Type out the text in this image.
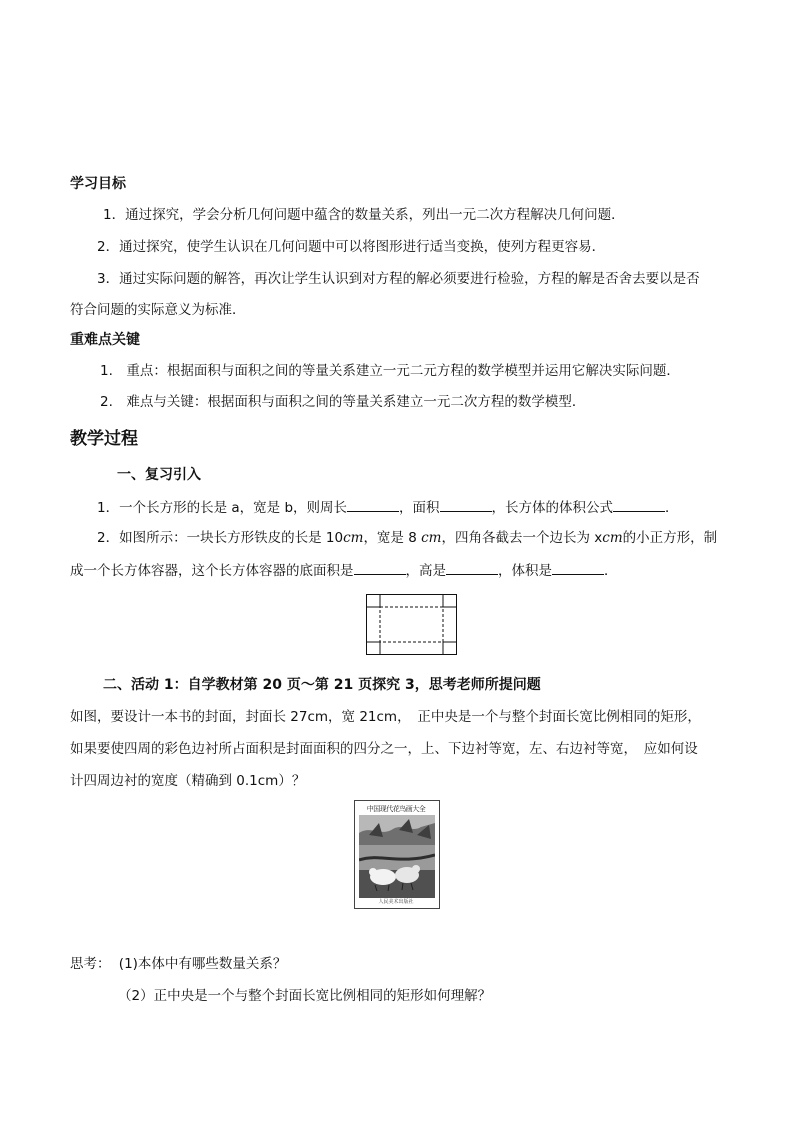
学习目标
1．通过探究，学会分析几何问题中蕴含的数量关系，列出一元二次方程解决几何问题．
2．通过探究，使学生认识在几何问题中可以将图形进行适当变换，使列方程更容易．
3．通过实际问题的解答，再次让学生认识到对方程的解必须要进行检验，方程的解是否舍去要以是否
符合问题的实际意义为标准．
重难点关键
1.　重点：根据面积与面积之间的等量关系建立一元二元方程的数学模型并运用它解决实际问题．
2.　难点与关键：根据面积与面积之间的等量关系建立一元二次方程的数学模型．
教学过程
一、复习引入
1．一个长方形的长是 a，宽是 b，则周长	，面积	，长方体的体积公式	．
2．如图所示：一块长方形铁皮的长是 10cm，宽是 8 cm，四角各截去一个边长为 xcm的小正方形，制
成一个长方体容器，这个长方体容器的底面积是	，高是	，体积是	．
二、活动 1：自学教材第 20 页～第 21 页探究 3，思考老师所提问题
如图，要设计一本书的封面，封面长 27cm，宽 21cm，　正中央是一个与整个封面长宽比例相同的矩形，
如果要使四周的彩色边衬所占面积是封面面积的四分之一，上、下边衬等宽，左、右边衬等宽，　应如何设
计四周边衬的宽度（精确到 0.1cm）？
中国现代花鸟画大全
人民美术出版社
思考： (1)本体中有哪些数量关系？
（2）正中央是一个与整个封面长宽比例相同的矩形如何理解？
